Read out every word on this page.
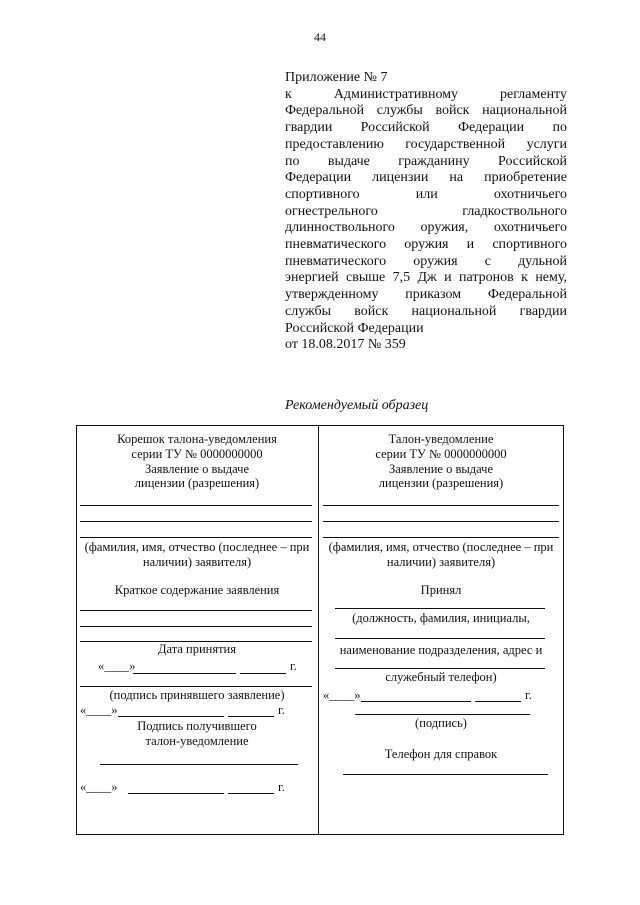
44
Приложение № 7
к	Административному	регламенту
Федеральной службы войск национальной
гвардии Российской Федерации по
предоставлению государственной услуги
по выдаче гражданину Российской
Федерации лицензии на приобретение
спортивного	или	охотничьего
огнестрельного	гладкоствольного
длинноствольного оружия, охотничьего
пневматического оружия и спортивного
пневматического оружия с дульной
энергией свыше 7,5 Дж и патронов к нему,
утвержденному приказом Федеральной
службы войск национальной гвардии
Российской Федерации
от 18.08.2017 № 359
Рекомендуемый образец
Корешок талона-уведомления
серии ТУ № 0000000000
Заявление о выдаче
лицензии (разрешения)
(фамилия, имя, отчество (последнее – при
наличии) заявителя)
Краткое содержание заявления
Дата принятия
«____»	г.
(подпись принявшего заявление)
«____»	г.
Подпись получившего
талон-уведомление
«____»	г.
Талон-уведомление
серии ТУ № 0000000000
Заявление о выдаче
лицензии (разрешения)
(фамилия, имя, отчество (последнее – при
наличии) заявителя)
Принял
(должность, фамилия, инициалы,
наименование подразделения, адрес и
служебный телефон)
«____»	г.
(подпись)
Телефон для справок
